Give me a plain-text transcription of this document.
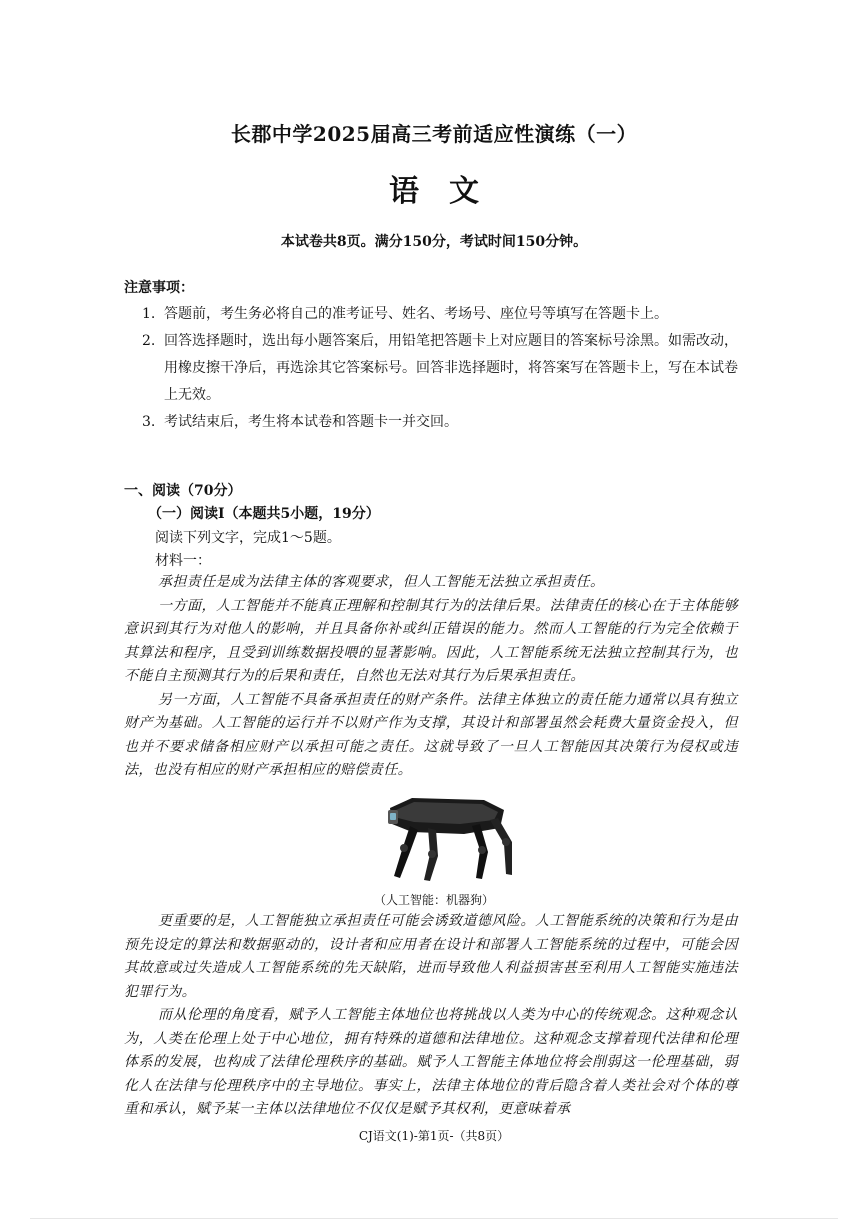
长郡中学2025届高三考前适应性演练（一）
语文
本试卷共8页。满分150分，考试时间150分钟。
注意事项：

1. 答题前，考生务必将自己的准考证号、姓名、考场号、座位号等填写在答题卡上。

2. 回答选择题时，选出每小题答案后，用铅笔把答题卡上对应题目的答案标号涂黑。如需改动，用橡皮擦干净后，再选涂其它答案标号。回答非选择题时，将答案写在答题卡上，写在本试卷上无效。

3. 考试结束后，考生将本试卷和答题卡一并交回。

一、阅读（70分）
（一）阅读Ⅰ（本题共5小题，19分）
阅读下列文字，完成1～5题。
材料一：

承担责任是成为法律主体的客观要求，但人工智能无法独立承担责任。

一方面，人工智能并不能真正理解和控制其行为的法律后果。法律责任的核心在于主体能够意识到其行为对他人的影响，并且具备你补或纠正错误的能力。然而人工智能的行为完全依赖于其算法和程序，且受到训练数据投喂的显著影响。因此，人工智能系统无法独立控制其行为，也不能自主预测其行为的后果和责任，自然也无法对其行为后果承担责任。

另一方面，人工智能不具备承担责任的财产条件。法律主体独立的责任能力通常以具有独立财产为基础。人工智能的运行并不以财产作为支撑，其设计和部署虽然会耗费大量资金投入，但也并不要求储备相应财产以承担可能之责任。这就导致了一旦人工智能因其决策行为侵权或违法，也没有相应的财产承担相应的赔偿责任。

（人工智能：机器狗）

更重要的是，人工智能独立承担责任可能会诱致道德风险。人工智能系统的决策和行为是由预先设定的算法和数据驱动的，设计者和应用者在设计和部署人工智能系统的过程中，可能会因其故意或过失造成人工智能系统的先天缺陷，进而导致他人利益损害甚至利用人工智能实施违法犯罪行为。

而从伦理的角度看，赋予人工智能主体地位也将挑战以人类为中心的传统观念。这种观念认为，人类在伦理上处于中心地位，拥有特殊的道德和法律地位。这种观念支撑着现代法律和伦理体系的发展，也构成了法律伦理秩序的基础。赋予人工智能主体地位将会削弱这一伦理基础，弱化人在法律与伦理秩序中的主导地位。事实上，法律主体地位的背后隐含着人类社会对个体的尊重和承认，赋予某一主体以法律地位不仅仅是赋予其权利，更意味着承

CJ语文(1)-第1页-（共8页）
